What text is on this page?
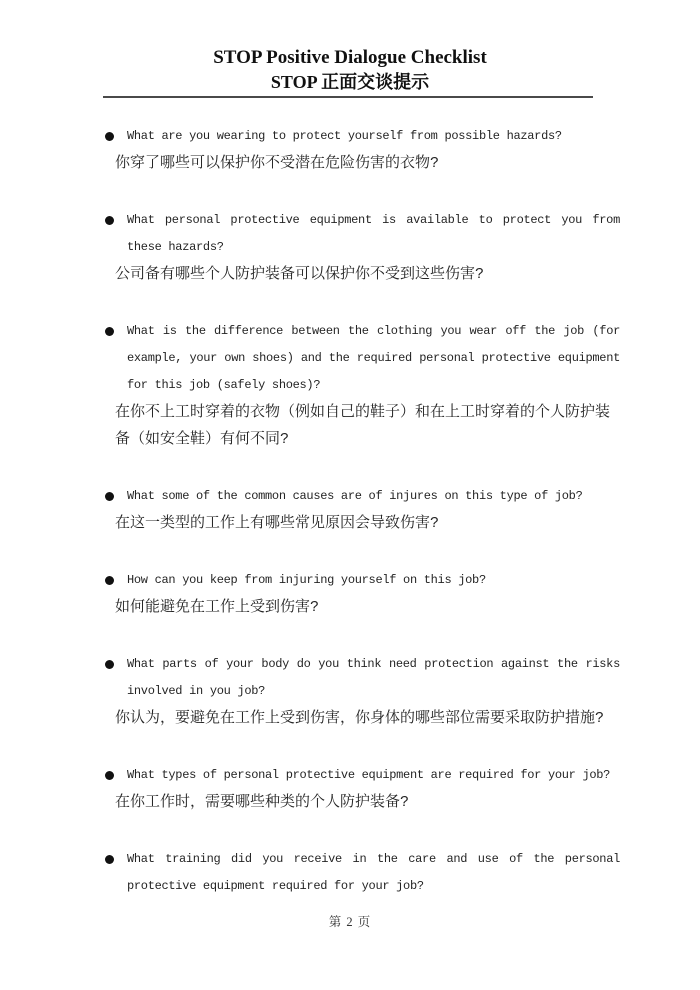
STOP Positive Dialogue Checklist
STOP 正面交谈提示

What are you wearing to protect yourself from possible hazards?

你穿了哪些可以保护你不受潜在危险伤害的衣物?

What personal protective equipment is available to protect you from these hazards?

公司备有哪些个人防护装备可以保护你不受到这些伤害?

What is the difference between the clothing you wear off the job (for example, your own shoes) and the required personal protective equipment for this job (safely shoes)?

在你不上工时穿着的衣物（例如自己的鞋子）和在上工时穿着的个人防护装备（如安全鞋）有何不同?

What some of the common causes are of injures on this type of job?

在这一类型的工作上有哪些常见原因会导致伤害?

How can you keep from injuring yourself on this job?

如何能避免在工作上受到伤害?

What parts of your body do you think need protection against the risks involved in you job?

你认为，要避免在工作上受到伤害，你身体的哪些部位需要采取防护措施?

What types of personal protective equipment are required for your job?

在你工作时，需要哪些种类的个人防护装备?

What training did you receive in the care and use of the personal protective equipment required for your job?

第 2 页
